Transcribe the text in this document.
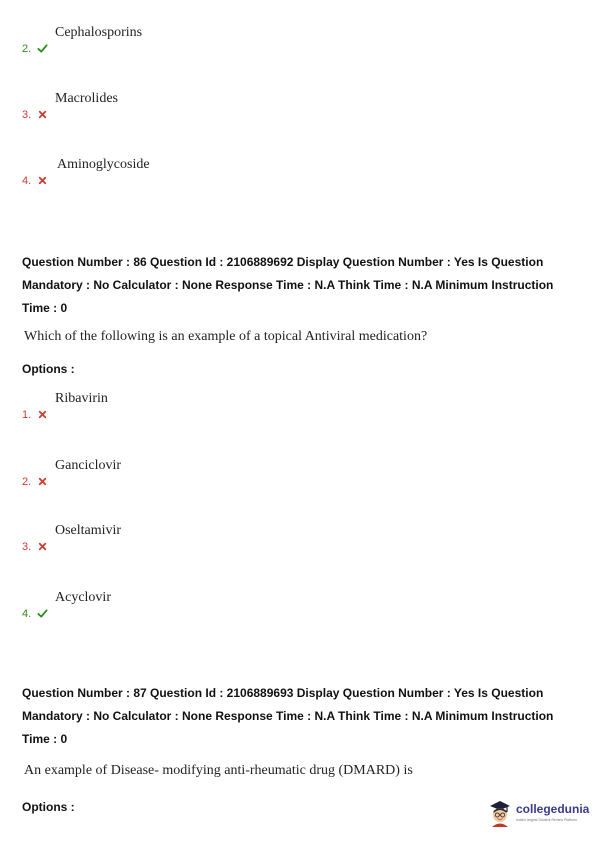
2.
Cephalosporins
3.
Macrolides
4.
Aminoglycoside
Question Number : 86 Question Id : 2106889692 Display Question Number : Yes Is Question
Mandatory : No Calculator : None Response Time : N.A Think Time : N.A Minimum Instruction
Time : 0
Which of the following is an example of a topical Antiviral medication?
Options :
1.
Ribavirin
2.
Ganciclovir
3.
Oseltamivir
4.
Acyclovir
Question Number : 87 Question Id : 2106889693 Display Question Number : Yes Is Question
Mandatory : No Calculator : None Response Time : N.A Think Time : N.A Minimum Instruction
Time : 0
An example of Disease- modifying anti-rheumatic drug (DMARD) is
Options :	collegedunia
India's largest Student Review Platform
